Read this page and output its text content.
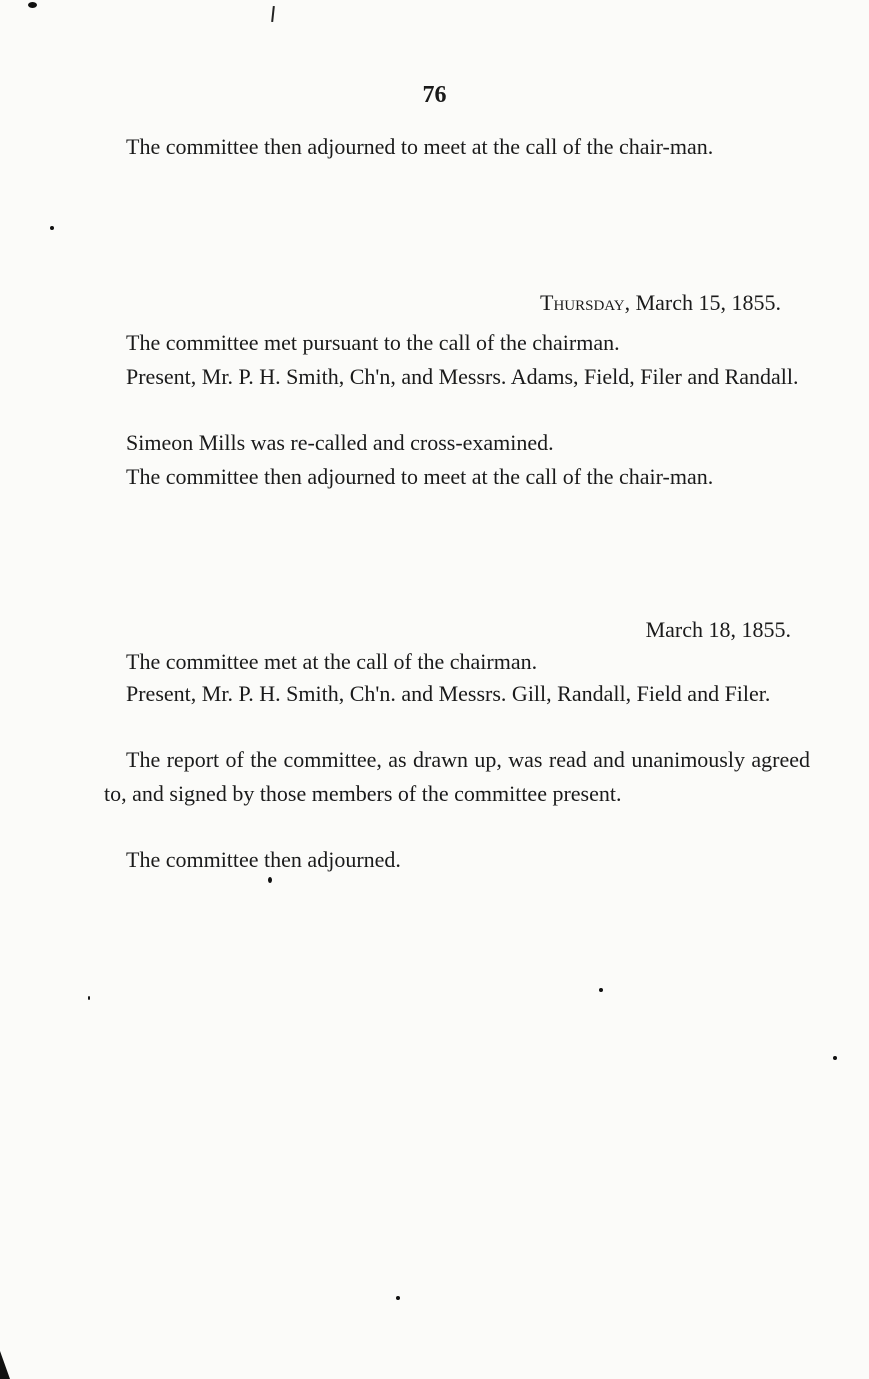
76
The committee then adjourned to meet at the call of the chair-man.
Thursday, March 15, 1855.
The committee met pursuant to the call of the chairman.
Present, Mr. P. H. Smith, Ch'n, and Messrs. Adams, Field, Filer and Randall.
Simeon Mills was re-called and cross-examined.
The committee then adjourned to meet at the call of the chair-man.
March 18, 1855.
The committee met at the call of the chairman.
Present, Mr. P. H. Smith, Ch'n. and Messrs. Gill, Randall, Field and Filer.
The report of the committee, as drawn up, was read and unanimously agreed to, and signed by those members of the committee present.
The committee then adjourned.
